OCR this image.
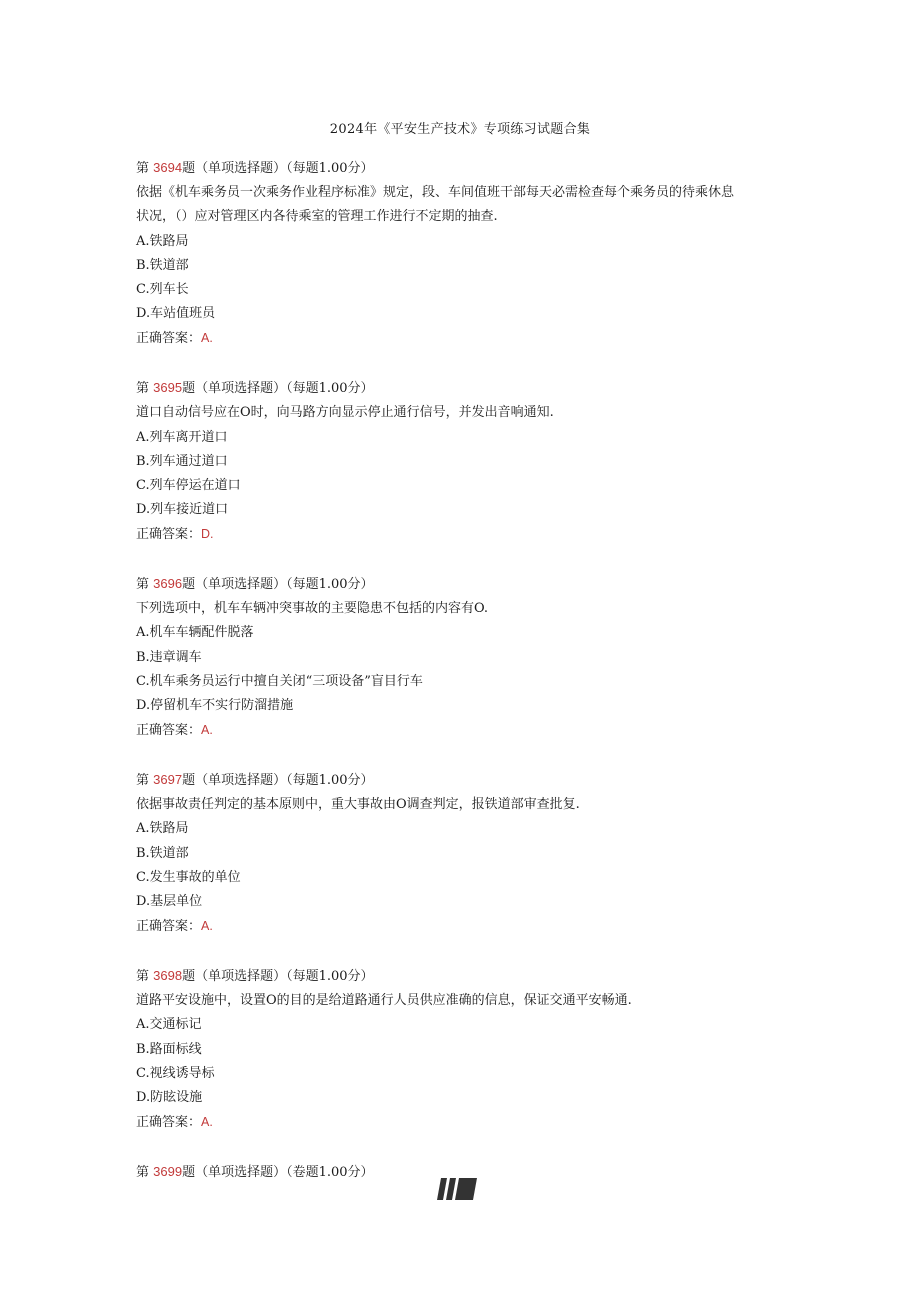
2024年《平安生产技术》专项练习试题合集
第 3694题（单项选择题）（每题1.00分）
依据《机车乘务员一次乘务作业程序标准》规定，段、车间值班干部每天必需检查每个乘务员的待乘休息
状况，（）应对管理区内各待乘室的管理工作进行不定期的抽查.
A.铁路局
B.铁道部
C.列车长
D.车站值班员
正确答案：A.
第 3695题（单项选择题）（每题1.00分）
道口自动信号应在O时，向马路方向显示停止通行信号，并发出音响通知.
A.列车离开道口
B.列车通过道口
C.列车停运在道口
D.列车接近道口
正确答案：D.
第 3696题（单项选择题）（每题1.00分）
下列选项中，机车车辆冲突事故的主要隐患不包括的内容有O.
A.机车车辆配件脱落
B.违章调车
C.机车乘务员运行中擅自关闭“三项设备”盲目行车
D.停留机车不实行防溜措施
正确答案：A.
第 3697题（单项选择题）（每题1.00分）
依据事故责任判定的基本原则中，重大事故由O调查判定，报铁道部审查批复.
A.铁路局
B.铁道部
C.发生事故的单位
D.基层单位
正确答案：A.
第 3698题（单项选择题）（每题1.00分）
道路平安设施中，设置O的目的是给道路通行人员供应准确的信息，保证交通平安畅通.
A.交通标记
B.路面标线
C.视线诱导标
D.防眩设施
正确答案：A.
第 3699题（单项选择题）（卷题1.00分）
